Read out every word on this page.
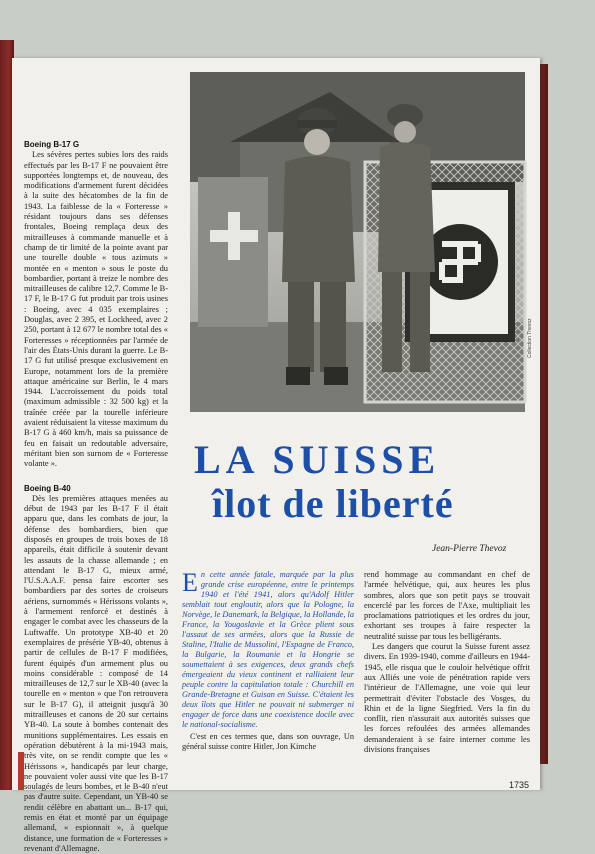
Boeing B-17 G

Les sévères pertes subies lors des raids effectués par les B-17 F ne pouvaient être supportées longtemps et, de nouveau, des modifications d'armement furent décidées à la suite des hécatombes de la fin de 1943. La faiblesse de la « Forteresse » résidant toujours dans ses défenses frontales, Boeing remplaça deux des mitrailleuses à commande manuelle et à champ de tir limité de la pointe avant par une tourelle double « tous azimuts » montée en « menton » sous le poste du bombardier, portant à treize le nombre des mitrailleuses de calibre 12,7. Comme le B-17 F, le B-17 G fut produit par trois usines : Boeing, avec 4 035 exemplaires ; Douglas, avec 2 395, et Lockheed, avec 2 250, portant à 12 677 le nombre total des « Forteresses » réceptionnées par l'armée de l'air des États-Unis durant la guerre. Le B-17 G fut utilisé presque exclusivement en Europe, notamment lors de la première attaque américaine sur Berlin, le 4 mars 1944. L'accroissement du poids total (maximum admissible : 32 500 kg) et la traînée créée par la tourelle inférieure avaient réduisaient la vitesse maximum du B-17 G à 460 km/h, mais sa puissance de feu en faisait un redoutable adversaire, méritant bien son surnom de « Forteresse volante ».

Boeing B-40

Dès les premières attaques menées au début de 1943 par les B-17 F il était apparu que, dans les combats de jour, la défense des bombardiers, bien que disposés en groupes de trois boxes de 18 appareils, était difficile à soutenir devant les assauts de la chasse allemande ; en attendant le B-17 G, mieux armé, l'U.S.A.A.F. pensa faire escorter ses bombardiers par des sortes de croiseurs aériens, surnommés « Hérissons volants », à l'armement renforcé et destinés à engager le combat avec les chasseurs de la Luftwaffe. Un prototype XB-40 et 20 exemplaires de présérie YB-40, obtenus à partir de cellules de B-17 F modifiées, furent équipés d'un armement plus ou moins considérable : composé de 14 mitrailleuses de 12,7 sur le XB-40 (avec la tourelle en « menton » que l'on retrouvera sur le B-17 G), il atteignit jusqu'à 30 mitrailleuses et canons de 20 sur certains YB-40. La soute à bombes contenait des munitions supplémentaires. Les essais en opération débutèrent à la mi-1943 mais, très vite, on se rendit compte que les « Hérissons », handicapés par leur charge, ne pouvaient voler aussi vite que les B-17 soulagés de leurs bombes, et le B-40 n'eut pas d'autre suite. Cependant, un YB-40 se rendit célèbre en abattant un... B-17 qui, remis en état et monté par un équipage allemand, « espionnait », à quelque distance, une formation de « Forteresses » revenant d'Allemagne.

Collection Thevoz
LA SUISSE
îlot de liberté
Jean-Pierre Thevoz
E n cette année fatale, marquée par la plus grande crise européenne, entre le printemps 1940 et l'été 1941, alors qu'Adolf Hitler semblait tout engloutir, alors que la Pologne, la Norvège, le Danemark, la Belgique, la Hollande, la France, la Yougoslavie et la Grèce plient sous l'assaut de ses armées, alors que la Russie de Staline, l'Italie de Mussolini, l'Espagne de Franco, la Bulgarie, la Roumanie et la Hongrie se soumettaient à ses exigences, deux grands chefs émergeaient du vieux continent et ralliaient leur peuple contre la capitulation totale : Churchill en Grande-Bretagne et Guisan en Suisse. C'étaient les deux îlots que Hitler ne pouvait ni submerger ni engager de force dans une coexistence docile avec le national-socialisme.
C'est en ces termes que, dans son ouvrage, Un général suisse contre Hitler, Jon Kimche

rend hommage au commandant en chef de l'armée helvétique, qui, aux heures les plus sombres, alors que son petit pays se trouvait encerclé par les forces de l'Axe, multipliait les proclamations patriotiques et les ordres du jour, exhortant ses troupes à faire respecter la neutralité suisse par tous les belligérants.

Les dangers que courut la Suisse furent assez divers. En 1939-1940, comme d'ailleurs en 1944-1945, elle risqua que le couloir helvétique offrit aux Alliés une voie de pénétration rapide vers l'intérieur de l'Allemagne, une voie qui leur permettrait d'éviter l'obstacle des Vosges, du Rhin et de la ligne Siegfried. Vers la fin du conflit, rien n'assurait aux autorités suisses que les forces refoulées des armées allemandes demanderaient à se faire interner comme les divisions françaises

1735
